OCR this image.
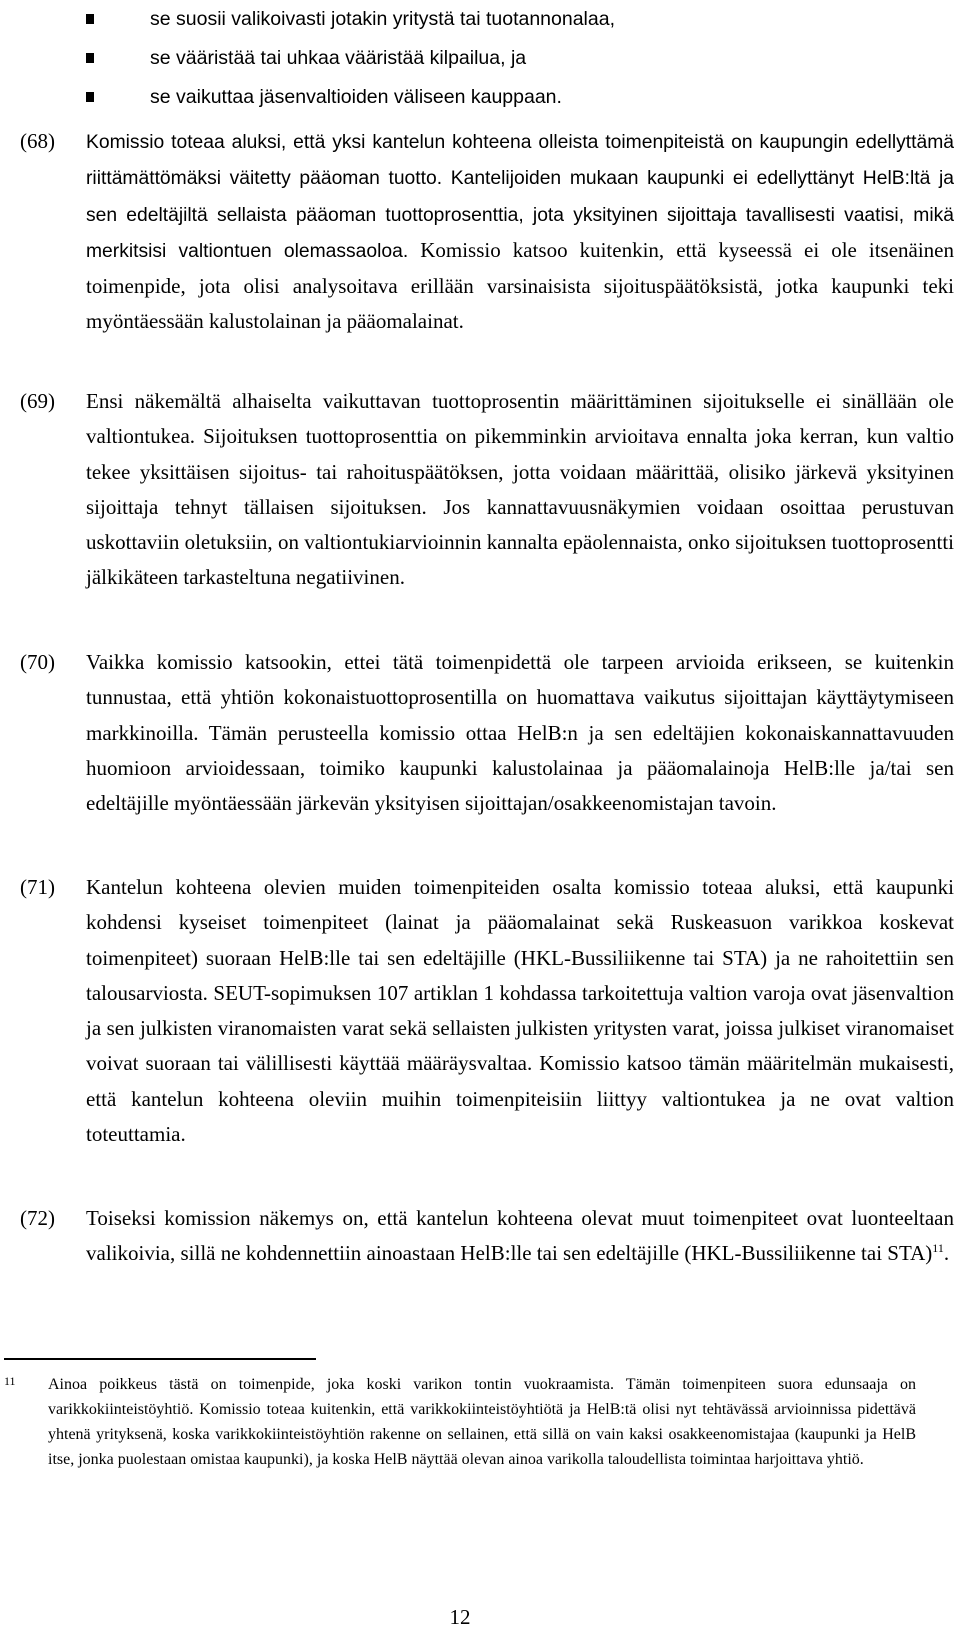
se suosii valikoivasti jotakin yritystä tai tuotannonalaa,
se vääristää tai uhkaa vääristää kilpailua, ja
se vaikuttaa jäsenvaltioiden väliseen kauppaan.
(68) Komissio toteaa aluksi, että yksi kantelun kohteena olleista toimenpiteistä on kaupungin edellyttämä riittämättömäksi väitetty pääoman tuotto. Kantelijoiden mukaan kaupunki ei edellyttänyt HelB:ltä ja sen edeltäjiltä sellaista pääoman tuottoprosenttia, jota yksityinen sijoittaja tavallisesti vaatisi, mikä merkitsisi valtiontuen olemassaoloa. Komissio katsoo kuitenkin, että kyseessä ei ole itsenäinen toimenpide, jota olisi analysoitava erillään varsinaisista sijoituspäätöksistä, jotka kaupunki teki myöntäessään kalustolainan ja pääomalainat.
(69) Ensi näkemältä alhaiselta vaikuttavan tuottoprosentin määrittäminen sijoitukselle ei sinällään ole valtiontukea. Sijoituksen tuottoprosenttia on pikemminkin arvioitava ennalta joka kerran, kun valtio tekee yksittäisen sijoitus- tai rahoituspäätöksen, jotta voidaan määrittää, olisiko järkevä yksityinen sijoittaja tehnyt tällaisen sijoituksen. Jos kannattavuusnäkymien voidaan osoittaa perustuvan uskottaviin oletuksiin, on valtiontukiarvioinnin kannalta epäolennaista, onko sijoituksen tuottoprosentti jälkikäteen tarkasteltuna negatiivinen.
(70) Vaikka komissio katsookin, ettei tätä toimenpidettä ole tarpeen arvioida erikseen, se kuitenkin tunnustaa, että yhtiön kokonaistuottoprosentilla on huomattava vaikutus sijoittajan käyttäytymiseen markkinoilla. Tämän perusteella komissio ottaa HelB:n ja sen edeltäjien kokonaiskannattavuuden huomioon arvioidessaan, toimiko kaupunki kalustolainaa ja pääomalainoja HelB:lle ja/tai sen edeltäjille myöntäessään järkevän yksityisen sijoittajan/osakkeenomistajan tavoin.
(71) Kantelun kohteena olevien muiden toimenpiteiden osalta komissio toteaa aluksi, että kaupunki kohdensi kyseiset toimenpiteet (lainat ja pääomalainat sekä Ruskeasuon varikkoa koskevat toimenpiteet) suoraan HelB:lle tai sen edeltäjille (HKL-Bussiliikenne tai STA) ja ne rahoitettiin sen talousarviosta. SEUT-sopimuksen 107 artiklan 1 kohdassa tarkoitettuja valtion varoja ovat jäsenvaltion ja sen julkisten viranomaisten varat sekä sellaisten julkisten yritysten varat, joissa julkiset viranomaiset voivat suoraan tai välillisesti käyttää määräysvaltaa. Komissio katsoo tämän määritelmän mukaisesti, että kantelun kohteena oleviin muihin toimenpiteisiin liittyy valtiontukea ja ne ovat valtion toteuttamia.
(72) Toiseksi komission näkemys on, että kantelun kohteena olevat muut toimenpiteet ovat luonteeltaan valikoivia, sillä ne kohdennettiin ainoastaan HelB:lle tai sen edeltäjille (HKL-Bussiliikenne tai STA)$^{11}$.
11 Ainoa poikkeus tästä on toimenpide, joka koski varikon tontin vuokraamista. Tämän toimenpiteen suora edunsaaja on varikkokiinteistöyhtiö. Komissio toteaa kuitenkin, että varikkokiinteistöyhtiötä ja HelB:tä olisi nyt tehtävässä arvioinnissa pidettävä yhtenä yrityksenä, koska varikkokiinteistöyhtiön rakenne on sellainen, että sillä on vain kaksi osakkeenomistajaa (kaupunki ja HelB itse, jonka puolestaan omistaa kaupunki), ja koska HelB näyttää olevan ainoa varikolla taloudellista toimintaa harjoittava yhtiö.
12
